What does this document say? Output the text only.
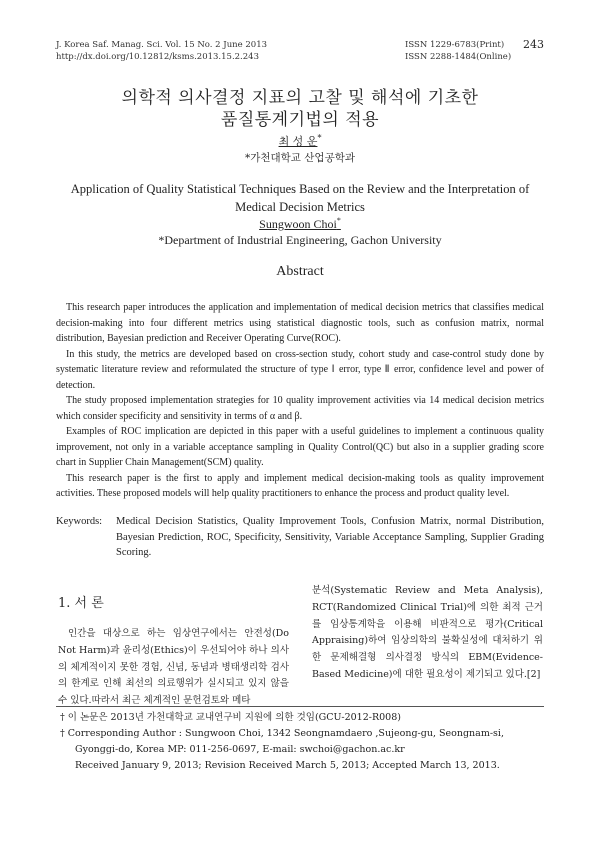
J. Korea Saf. Manag. Sci. Vol. 15 No. 2 June 2013
http://dx.doi.org/10.12812/ksms.2013.15.2.243
ISSN 1229-6783(Print)
ISSN 2288-1484(Online)
243
의학적 의사결정 지표의 고찰 및 해석에 기초한
품질통계기법의 적용
최 성 운*
*가천대학교 산업공학과
Application of Quality Statistical Techniques Based on the Review and the Interpretation of
Medical Decision Metrics
Sungwoon Choi*
*Department of Industrial Engineering, Gachon University
Abstract

This research paper introduces the application and implementation of medical decision metrics that classifies medical decision-making into four different metrics using statistical diagnostic tools, such as confusion matrix, normal distribution, Bayesian prediction and Receiver Operating Curve(ROC).

In this study, the metrics are developed based on cross-section study, cohort study and case-control study done by systematic literature review and reformulated the structure of type Ⅰ error, type Ⅱ error, confidence level and power of detection.

The study proposed implementation strategies for 10 quality improvement activities via 14 medical decision metrics which consider specificity and sensitivity in terms of α and β.

Examples of ROC implication are depicted in this paper with a useful guidelines to implement a continuous quality improvement, not only in a variable acceptance sampling in Quality Control(QC) but also in a supplier grading score chart in Supplier Chain Management(SCM) quality.

This research paper is the first to apply and implement medical decision-making tools as quality improvement activities. These proposed models will help quality practitioners to enhance the process and product quality level.

Keywords: Medical Decision Statistics, Quality Improvement Tools, Confusion Matrix, normal Distribution, Bayesian Prediction, ROC, Specificity, Sensitivity, Variable Acceptance Sampling, Supplier Grading Scoring.
1. 서 론

인간을 대상으로 하는 임상연구에서는 안전성(Do Not Harm)과 윤리성(Ethics)이 우선되어야 하나 의사의 체계적이지 못한 경험, 신념, 동념과 병태생리학 검사의 한계로 인해 최선의 의료행위가 실시되고 있지 않을 수 있다.따라서 최근 체계적인 문헌검토와 메타

분석(Systematic Review and Meta Analysis), RCT(Randomized Clinical Trial)에 의한 최적 근거를 임상통계학을 이용해 비판적으로 평가(Critical Appraising)하여 임상의학의 불확실성에 대처하기 위한 문제해결형 의사결정 방식의 EBM(Evidence-Based Medicine)에 대한 필요성이 제기되고 있다.[2]

† 이 논문은 2013년 가천대학교 교내연구비 지원에 의한 것임(GCU-2012-R008)
† Corresponding Author : Sungwoon Choi, 1342 Seongnamdaero ,Sujeong-gu, Seongnam-si,
Gyonggi-do, Korea MP: 011-256-0697, E-mail: swchoi@gachon.ac.kr
Received January 9, 2013; Revision Received March 5, 2013; Accepted March 13, 2013.
